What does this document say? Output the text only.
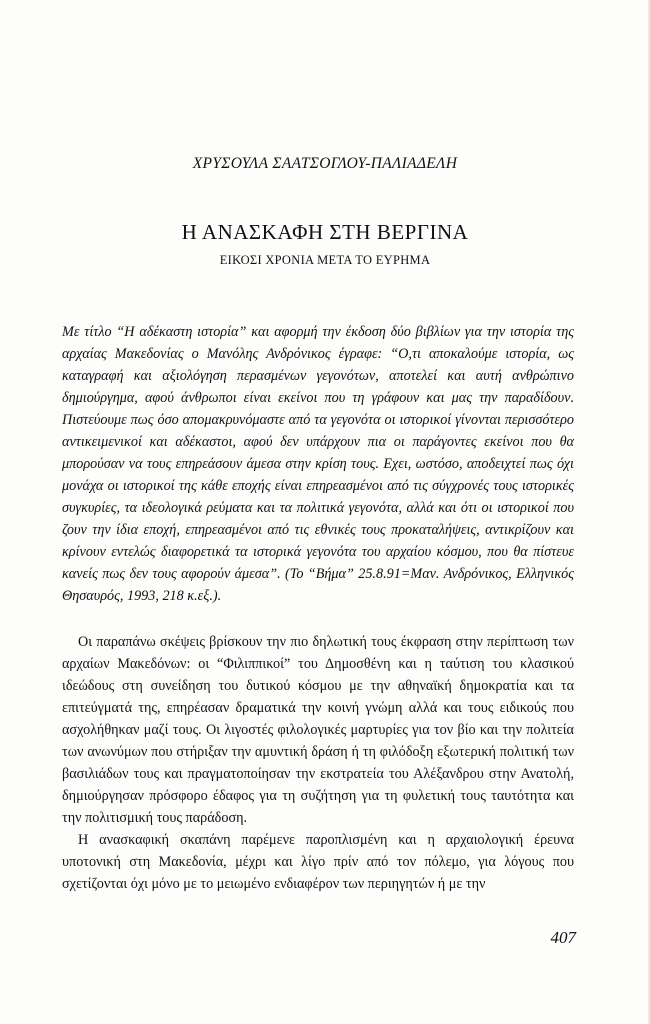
ΧΡΥΣΟΥΛΑ ΣΑΑΤΣΟΓΛΟΥ-ΠΑΛΙΑΔΕΛΗ
Η ΑΝΑΣΚΑΦΗ ΣΤΗ ΒΕΡΓΙΝΑ
ΕΙΚΟΣΙ ΧΡΟΝΙΑ ΜΕΤΑ ΤΟ ΕΥΡΗΜΑ
Με τίτλο “Η αδέκαστη ιστορία” και αφορμή την έκδοση δύο βιβλίων για την ιστορία της αρχαίας Μακεδονίας ο Μανόλης Ανδρόνικος έγραφε: “Ο,τι αποκαλούμε ιστορία, ως καταγραφή και αξιολόγηση περασμένων γεγονότων, αποτελεί και αυτή ανθρώπινο δημιούργημα, αφού άνθρωποι είναι εκείνοι που τη γράφουν και μας την παραδίδουν. Πιστεύουμε πως όσο απομακρυνόμαστε από τα γεγονότα οι ιστορικοί γίνονται περισσότερο αντικειμενικοί και αδέκαστοι, αφού δεν υπάρχουν πια οι παράγοντες εκείνοι που θα μπορούσαν να τους επηρεάσουν άμεσα στην κρίση τους. Εχει, ωστόσο, αποδειχτεί πως όχι μονάχα οι ιστορικοί της κάθε εποχής είναι επηρεασμένοι από τις σύγχρονές τους ιστορικές συγκυρίες, τα ιδεολογικά ρεύματα και τα πολιτικά γεγονότα, αλλά και ότι οι ιστορικοί που ζουν την ίδια εποχή, επηρεασμένοι από τις εθνικές τους προκαταλήψεις, αντικρίζουν και κρίνουν εντελώς διαφορετικά τα ιστορικά γεγονότα του αρχαίου κόσμου, που θα πίστευε κανείς πως δεν τους αφορούν άμεσα”. (Το “Βήμα” 25.8.91=Μαν. Ανδρόνικος, Ελληνικός Θησαυρός, 1993, 218 κ.εξ.).

Οι παραπάνω σκέψεις βρίσκουν την πιο δηλωτική τους έκφραση στην περίπτωση των αρχαίων Μακεδόνων: οι “Φιλιππικοί” του Δημοσθένη και η ταύτιση του κλασικού ιδεώδους στη συνείδηση του δυτικού κόσμου με την αθηναϊκή δημοκρατία και τα επιτεύγματά της, επηρέασαν δραματικά την κοινή γνώμη αλλά και τους ειδικούς που ασχολήθηκαν μαζί τους. Οι λιγοστές φιλολογικές μαρτυρίες για τον βίο και την πολιτεία των ανωνύμων που στήριξαν την αμυντική δράση ή τη φιλόδοξη εξωτερική πολιτική των βασιλιάδων τους και πραγματοποίησαν την εκστρατεία του Αλέξανδρου στην Ανατολή, δημιούργησαν πρόσφορο έδαφος για τη συζήτηση για τη φυλετική τους ταυτότητα και την πολιτισμική τους παράδοση.

Η ανασκαφική σκαπάνη παρέμενε παροπλισμένη και η αρχαιολογική έρευνα υποτονική στη Μακεδονία, μέχρι και λίγο πρίν από τον πόλεμο, για λόγους που σχετίζονται όχι μόνο με το μειωμένο ενδιαφέρον των περιηγητών ή με την

407
